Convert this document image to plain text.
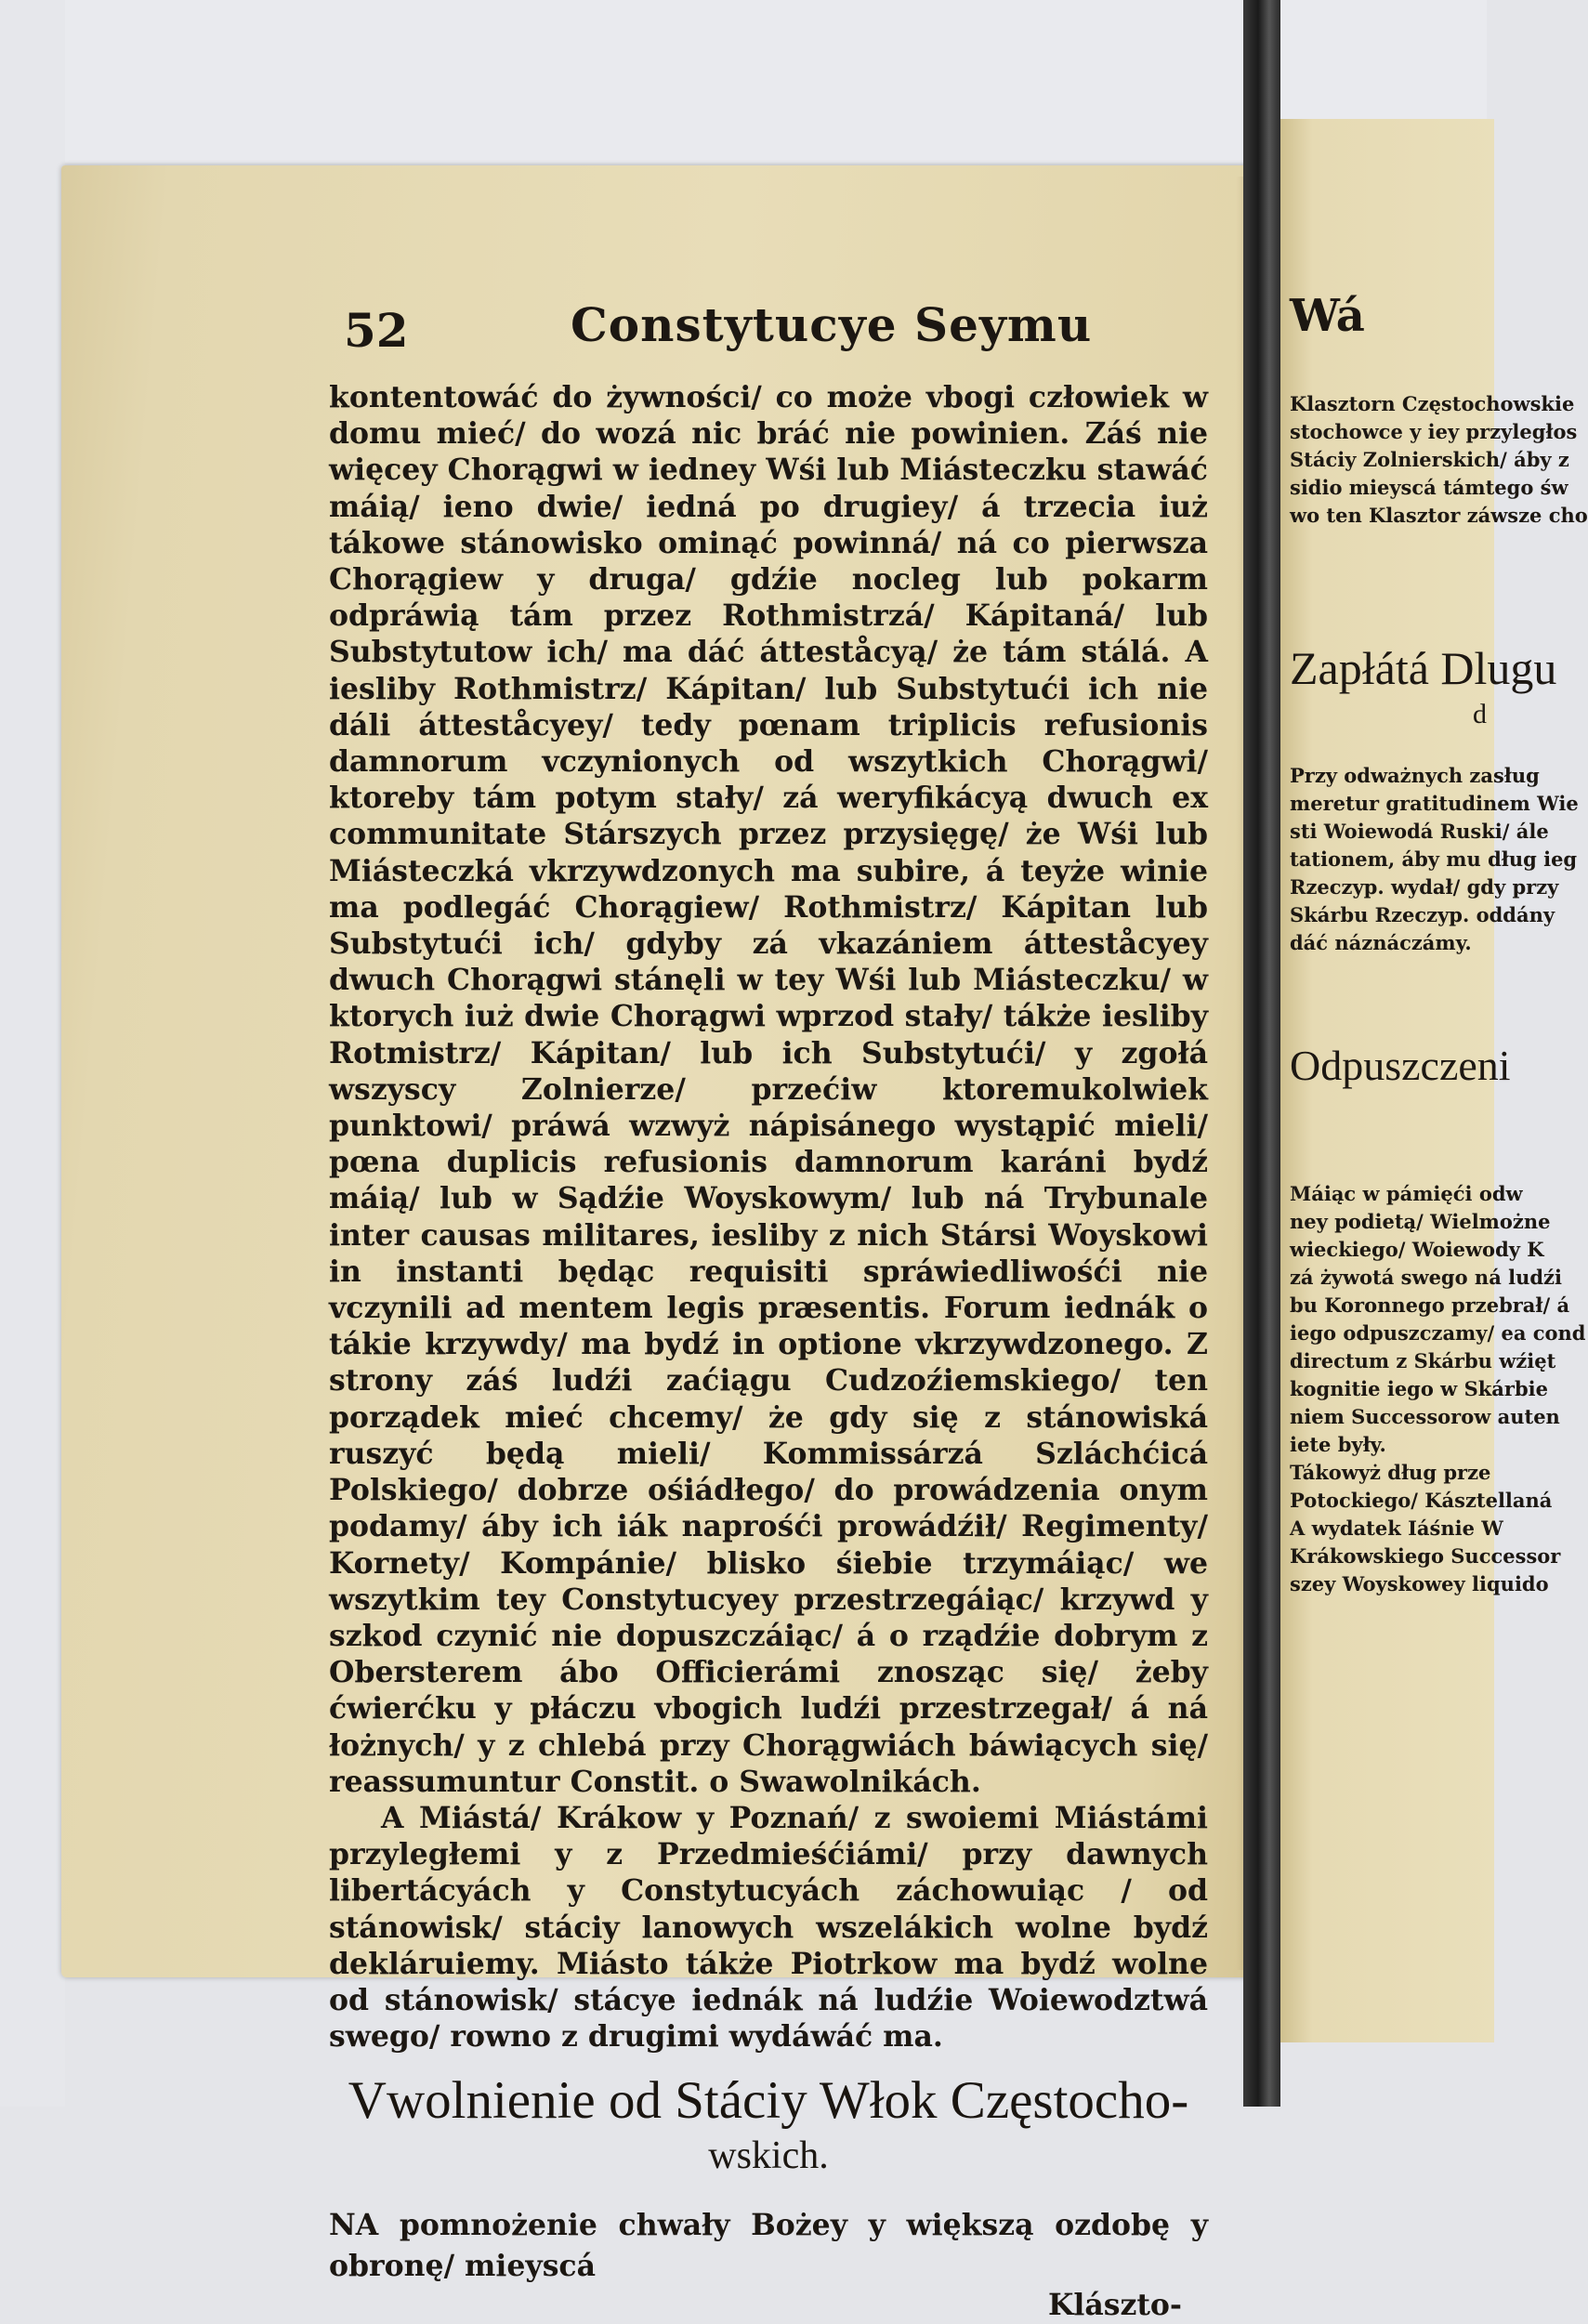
52	Constytucye Seymu

kontentowáć do żywności/ co może vbogi człowiek w domu mieć/ do wozá nic bráć nie powinien. Záś nie więcey Chorągwi w iedney Wśi lub Miásteczku stawáć máią/ ieno dwie/ iedná po drugiey/ á trzecia iuż tákowe stánowisko ominąć powinná/ ná co pierwsza Chorągiew y druga/ gdźie nocleg lub pokarm odpráwią tám przez Rothmistrzá/ Kápitaná/ lub Substytutow ich/ ma dáć átteståcyą/ że tám stálá. A iesliby Rothmistrz/ Kápitan/ lub Substytući ich nie dáli átteståcyey/ tedy pœnam triplicis refusionis damnorum vczynionych od wszytkich Chorągwi/ ktoreby tám potym stały/ zá weryfikácyą dwuch ex communitate Stárszych przez przysięgę/ że Wśi lub Miásteczká vkrzywdzonych ma subire, á teyże winie ma podlegáć Chorągiew/ Rothmistrz/ Kápitan lub Substytući ich/ gdyby zá vkazániem átteståcyey dwuch Chorągwi stánęli w tey Wśi lub Miásteczku/ w ktorych iuż dwie Chorągwi wprzod stały/ tákże iesliby Rotmistrz/ Kápitan/ lub ich Substytući/ y zgołá wszyscy Zolnierze/ przećiw ktoremukolwiek punktowi/ práwá wzwyż nápisánego wystąpić mieli/ pœna duplicis refusionis damnorum karáni bydź máią/ lub w Sądźie Woyskowym/ lub ná Trybunale inter causas militares, iesliby z nich Stársi Woyskowi in instanti będąc requisiti spráwiedliwośći nie vczynili ad mentem legis præsentis. Forum iednák o tákie krzywdy/ ma bydź in optione vkrzywdzonego. Z strony záś ludźi zaćiągu Cudzoźiemskiego/ ten porządek mieć chcemy/ że gdy się z stánowiská ruszyć będą mieli/ Kommissárzá Szláchćicá Polskiego/ dobrze ośiádłego/ do prowádzenia onym podamy/ áby ich iák naprośći prowádźił/ Regimenty/ Kornety/ Kompánie/ blisko śiebie trzymáiąc/ we wszytkim tey Constytucyey przestrzegáiąc/ krzywd y szkod czynić nie dopuszczáiąc/ á o rządźie dobrym z Obersterem ábo Officierámi znosząc się/ żeby ćwierćku y płáczu vbogich ludźi przestrzegał/ á ná łożnych/ y z chlebá przy Chorągwiách báwiących się/ reassumuntur Constit. o Swawolnikách.

A Miástá/ Krákow y Poznań/ z swoiemi Miástámi przyległemi y z Przedmieśćiámi/ przy dawnych libertácyách y Constytucyách záchowuiąc / od stánowisk/ stáciy lanowych wszelákich wolne bydź dekláruiemy. Miásto tákże Piotrkow ma bydź wolne od stánowisk/ stácye iednák ná ludźie Woiewodztwá swego/ rowno z drugimi wydáwáć ma.

Vwolnienie od Stáciy Włok Częstocho-
wskich.
NA pomnożenie chwały Bożey y większą ozdobę y obronę/ mieyscá
Klászto-
Wá
Klasztorn Częstochowskie
stochowce y iey przyległos
Stáciy Zolnierskich/ áby z
sidio mieyscá támtego św
wo ten Klasztor záwsze cho
Zapłátá Dlugu
d
Przy odważnych zasług
meretur gratitudinem Wie
sti Woiewodá Ruski/ ále
tationem, áby mu dług ieg
Rzeczyp. wydał/ gdy przy
Skárbu Rzeczyp. oddány
dáć náznáczámy.
Odpuszczeni
Máiąc w pámięći odw
ney podietą/ Wielmożne
wieckiego/ Woiewody K
zá żywotá swego ná ludźi
bu Koronnego przebrał/ á
iego odpuszczamy/ ea cond
directum z Skárbu wźięt
kognitie iego w Skárbie
niem Successorow auten
iete były.
Tákowyż dług prze
Potockiego/ Kásztellaná
A wydatek Iáśnie W
Krákowskiego Successor
szey Woyskowey liquido
